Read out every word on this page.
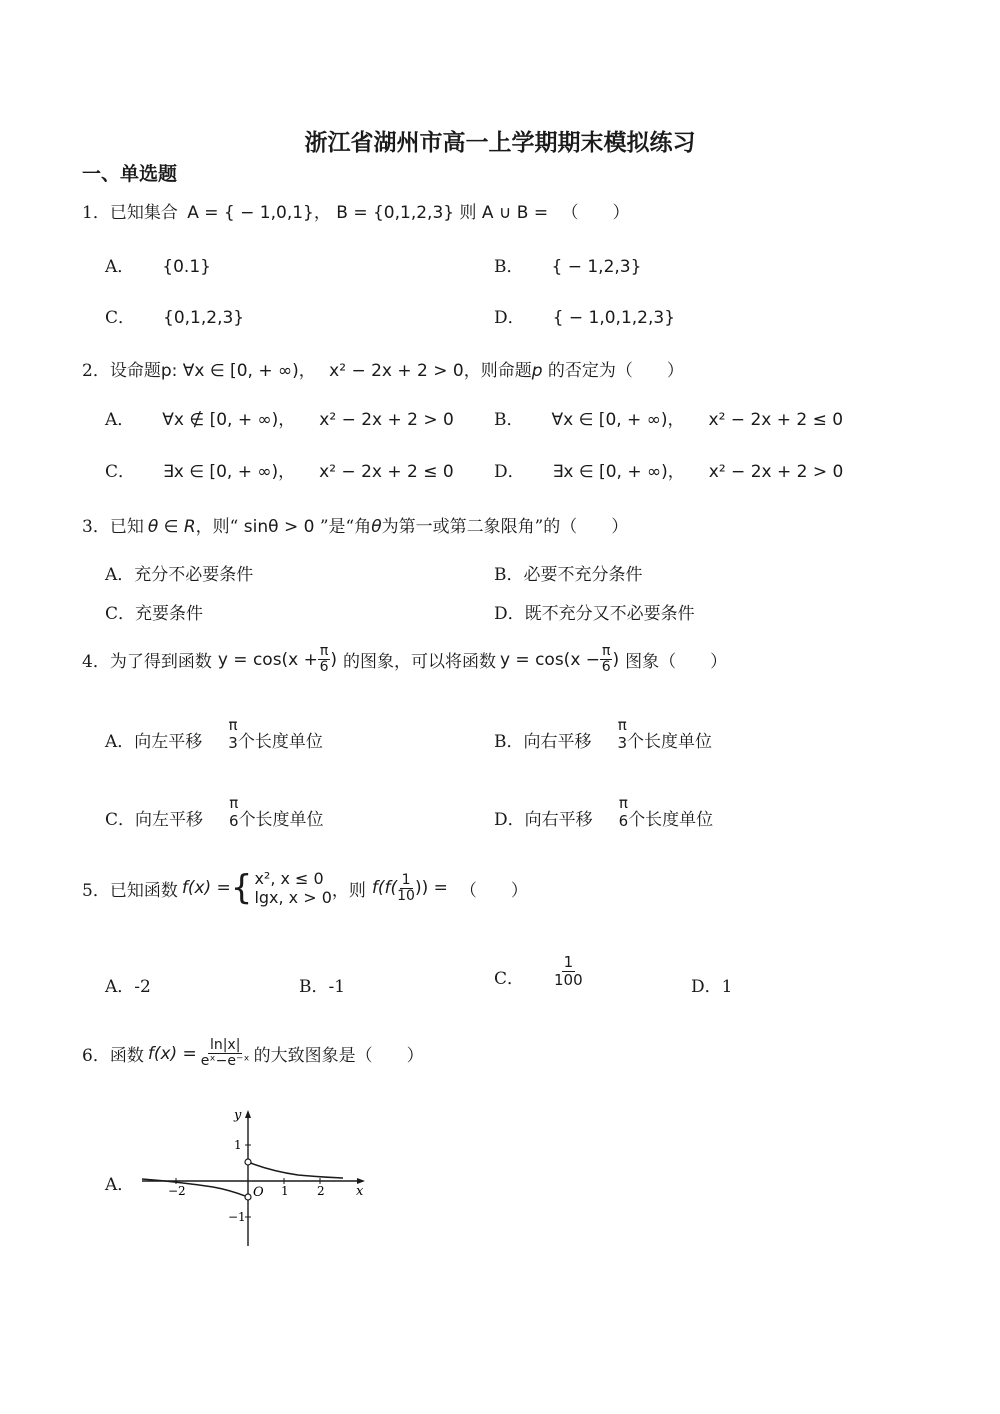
浙江省湖州市高一上学期期末模拟练习
一、单选题
1．已知集合 A = { − 1,0,1}， B = {0,1,2,3} 则 A ∪ B = （　　）
A． {0.1}	B． { − 1,2,3}
C． {0,1,2,3}	D． { − 1,0,1,2,3}
2．设命题p: ∀x ∈ [0, + ∞)， x² − 2x + 2 > 0，则命题p 的否定为（　　）
A． ∀x ∉ [0, + ∞)， x² − 2x + 2 > 0 B． ∀x ∈ [0, + ∞)， x² − 2x + 2 ≤ 0
C． ∃x ∈ [0, + ∞)， x² − 2x + 2 ≤ 0 D． ∃x ∈ [0, + ∞)， x² − 2x + 2 > 0
3．已知 θ ∈ R，则“ sinθ > 0 ”是“角θ为第一或第二象限角”的（　　）
A．充分不必要条件	B．必要不充分条件
C．充要条件	D．既不充分又不必要条件
4． 为了得到函数 $y = \cos(x + \frac{\pi}{6}$ ) 的图象，可以将函数 $y = \cos(x - \frac{\pi}{6}$ ) 图象（　　）
A． 向左平移
π
3 个长度单位	B． 向右平移
π
3 个长度单位
C． 向左平移
π
6 个长度单位	D． 向右平移
π
6 个长度单位
5． 已知函数 f(x) = { x², x ≤ 0
lgx, x > 0 ，则 $f(f( \frac{1}{10}$ )) = （　　）
A．-2	B．-1	C． $\frac{1}{100}$	D．1
6． 函数 $f(x) = \frac{\ln|x|}{\text{eˣ−e⁻ˣ}}$ 的大致图象是（　　）
A．
y
x
O
1
−1
−2	1 2
